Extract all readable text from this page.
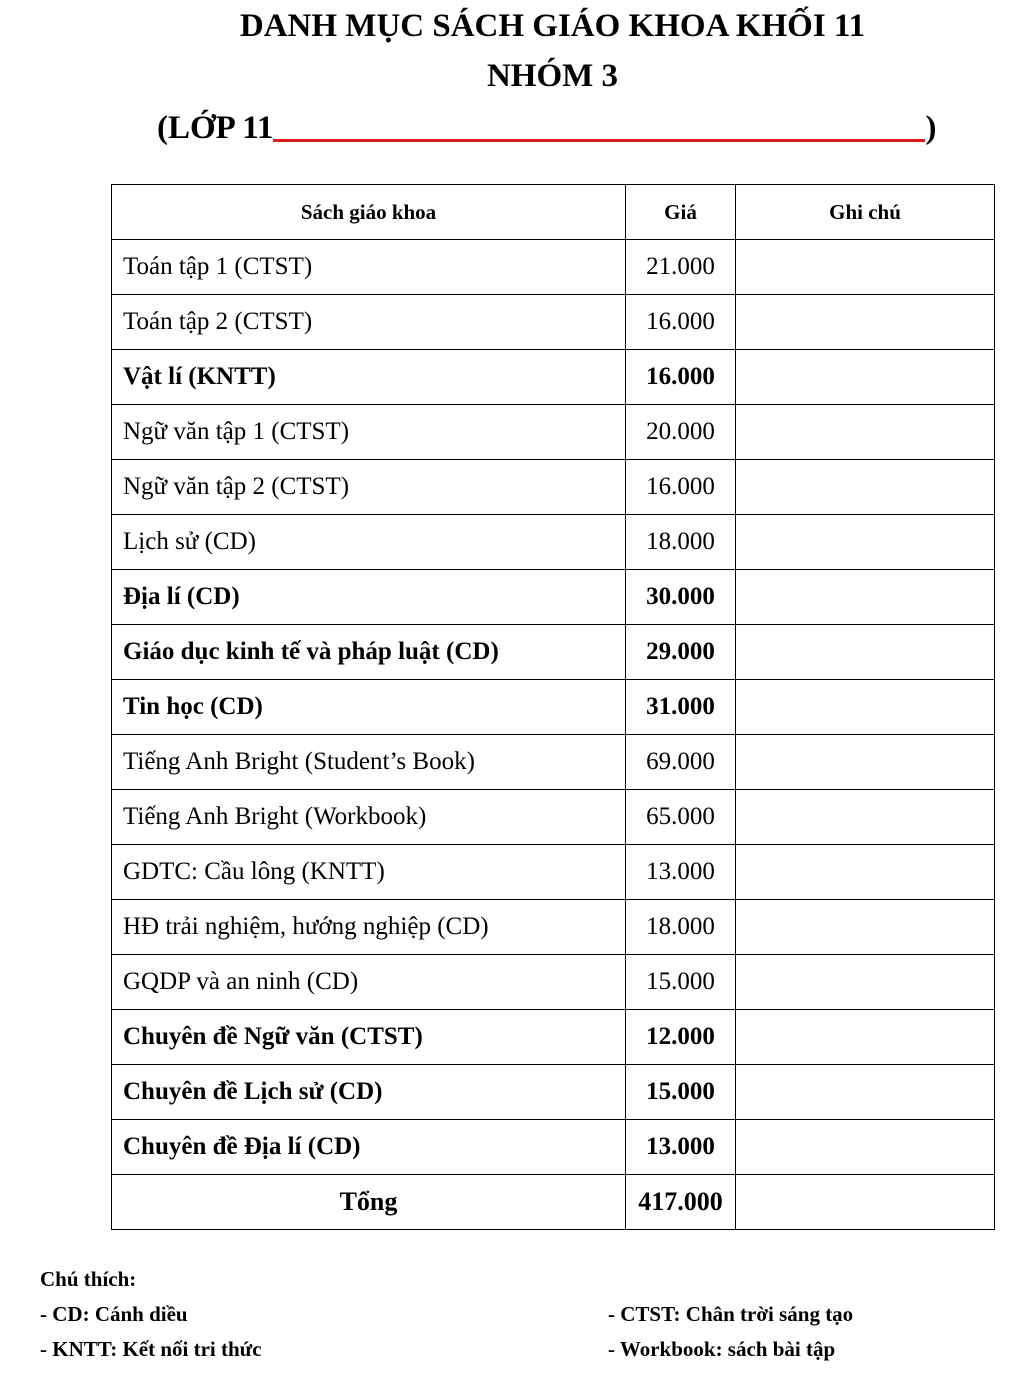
DANH MỤC SÁCH GIÁO KHOA KHỐI 11
NHÓM 3
(LỚP 11	)
Sách giáo khoa	Giá	Ghi chú
Toán tập 1 (CTST)	21.000	
Toán tập 2 (CTST)	16.000	
Vật lí (KNTT)	16.000	
Ngữ văn tập 1 (CTST)	20.000	
Ngữ văn tập 2 (CTST)	16.000	
Lịch sử (CD)	18.000	
Địa lí (CD)	30.000	
Giáo dục kinh tế và pháp luật (CD)	29.000	
Tin học (CD)	31.000	
Tiếng Anh Bright (Student’s Book)	69.000	
Tiếng Anh Bright (Workbook)	65.000	
GDTC: Cầu lông (KNTT)	13.000	
HĐ trải nghiệm, hướng nghiệp (CD)	18.000	
GQDP và an ninh (CD)	15.000	
Chuyên đề Ngữ văn (CTST)	12.000	
Chuyên đề Lịch sử (CD)	15.000	
Chuyên đề Địa lí (CD)	13.000	
Tổng	417.000	
Chú thích:
- CD: Cánh diều	- CTST: Chân trời sáng tạo
- KNTT: Kết nối tri thức	- Workbook: sách bài tập
